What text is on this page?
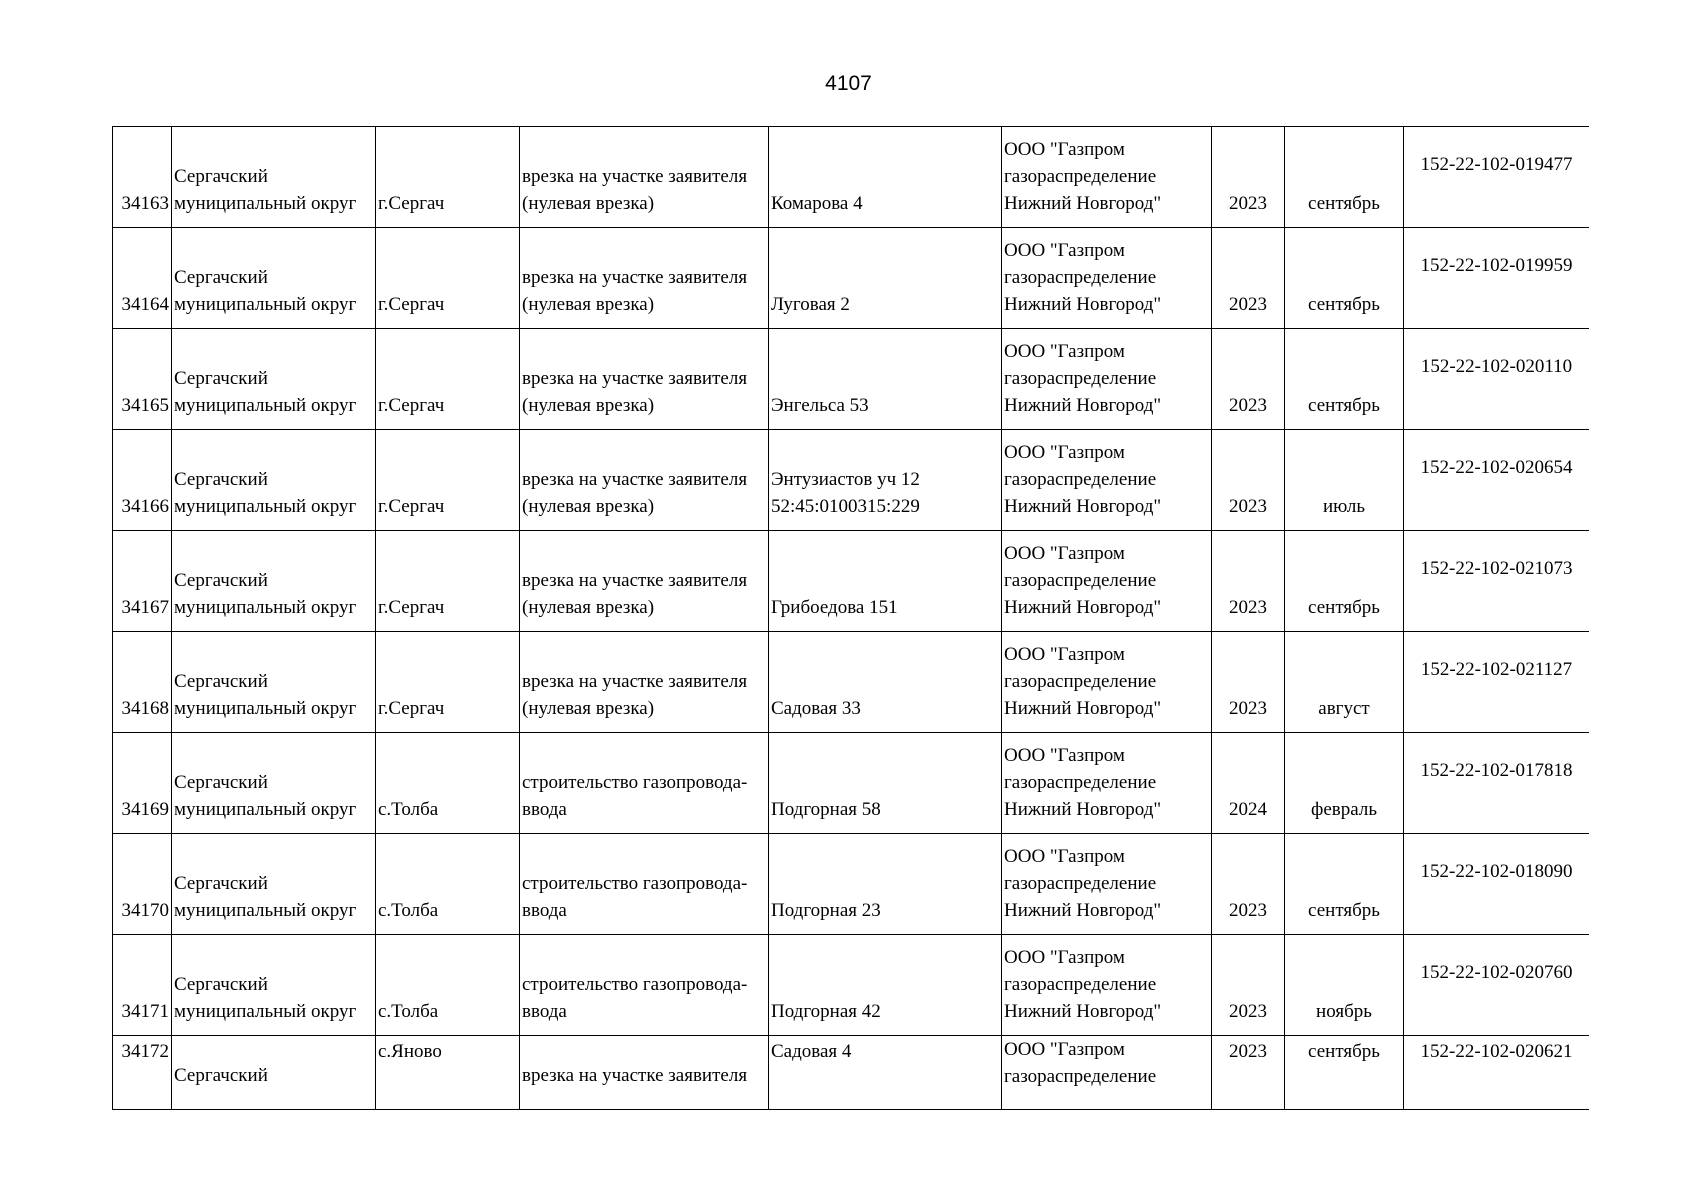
4107
34163	Сергачский
муниципальный округ	г.Сергач	врезка на участке заявителя
(нулевая врезка)	Комарова 4	ООО "Газпром
газораспределение
Нижний Новгород"	2023	сентябрь	152-22-102-019477

34164	Сергачский
муниципальный округ	г.Сергач	врезка на участке заявителя
(нулевая врезка)	Луговая 2	ООО "Газпром
газораспределение
Нижний Новгород"	2023	сентябрь	152-22-102-019959

34165	Сергачский
муниципальный округ	г.Сергач	врезка на участке заявителя
(нулевая врезка)	Энгельса 53	ООО "Газпром
газораспределение
Нижний Новгород"	2023	сентябрь	152-22-102-020110

34166	Сергачский
муниципальный округ	г.Сергач	врезка на участке заявителя
(нулевая врезка)	Энтузиастов уч 12
52:45:0100315:229	ООО "Газпром
газораспределение
Нижний Новгород"	2023	июль	152-22-102-020654

34167	Сергачский
муниципальный округ	г.Сергач	врезка на участке заявителя
(нулевая врезка)	Грибоедова 151	ООО "Газпром
газораспределение
Нижний Новгород"	2023	сентябрь	152-22-102-021073

34168	Сергачский
муниципальный округ	г.Сергач	врезка на участке заявителя
(нулевая врезка)	Садовая 33	ООО "Газпром
газораспределение
Нижний Новгород"	2023	август	152-22-102-021127

34169	Сергачский
муниципальный округ	с.Толба	строительство газопровода-
ввода	Подгорная 58	ООО "Газпром
газораспределение
Нижний Новгород"	2024	февраль	152-22-102-017818

34170	Сергачский
муниципальный округ	с.Толба	строительство газопровода-
ввода	Подгорная 23	ООО "Газпром
газораспределение
Нижний Новгород"	2023	сентябрь	152-22-102-018090

34171	Сергачский
муниципальный округ	с.Толба	строительство газопровода-
ввода	Подгорная 42	ООО "Газпром
газораспределение
Нижний Новгород"	2023	ноябрь	152-22-102-020760

34172	Сергачский	с.Яново	врезка на участке заявителя	Садовая 4	ООО "Газпром
газораспределение	2023	сентябрь	152-22-102-020621
